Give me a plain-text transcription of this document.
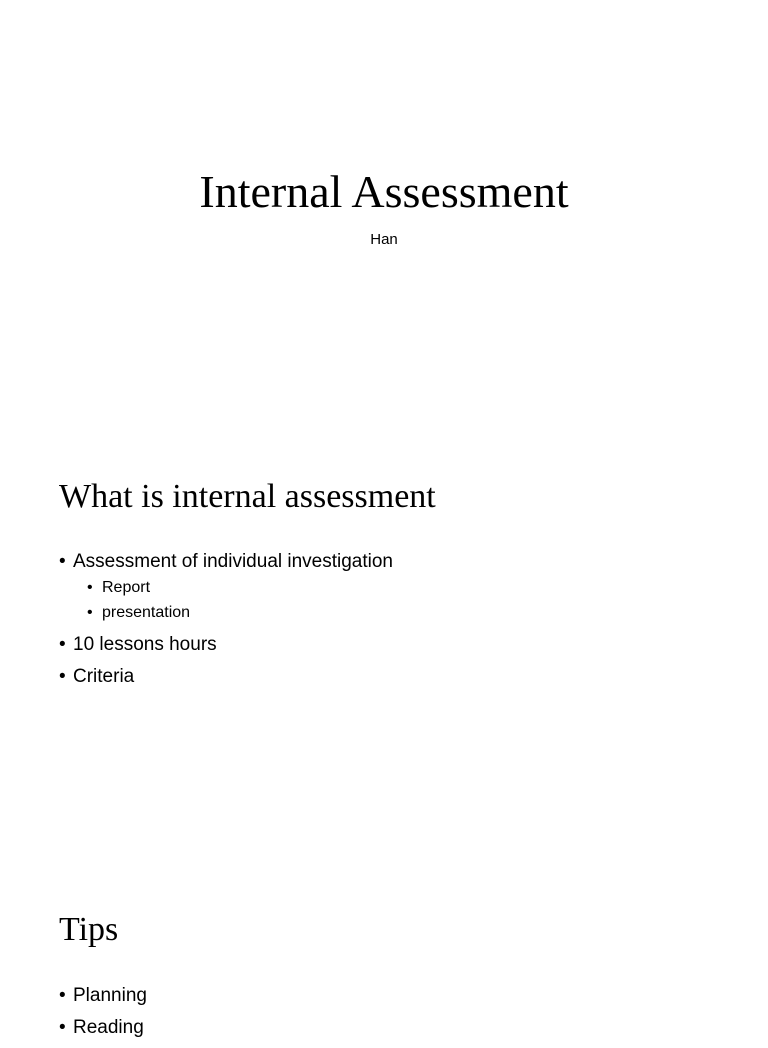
Internal Assessment
Han
What is internal assessment
• Assessment of individual investigation
• Report
• presentation
• 10 lessons hours
• Criteria
Tips
• Planning
• Reading
